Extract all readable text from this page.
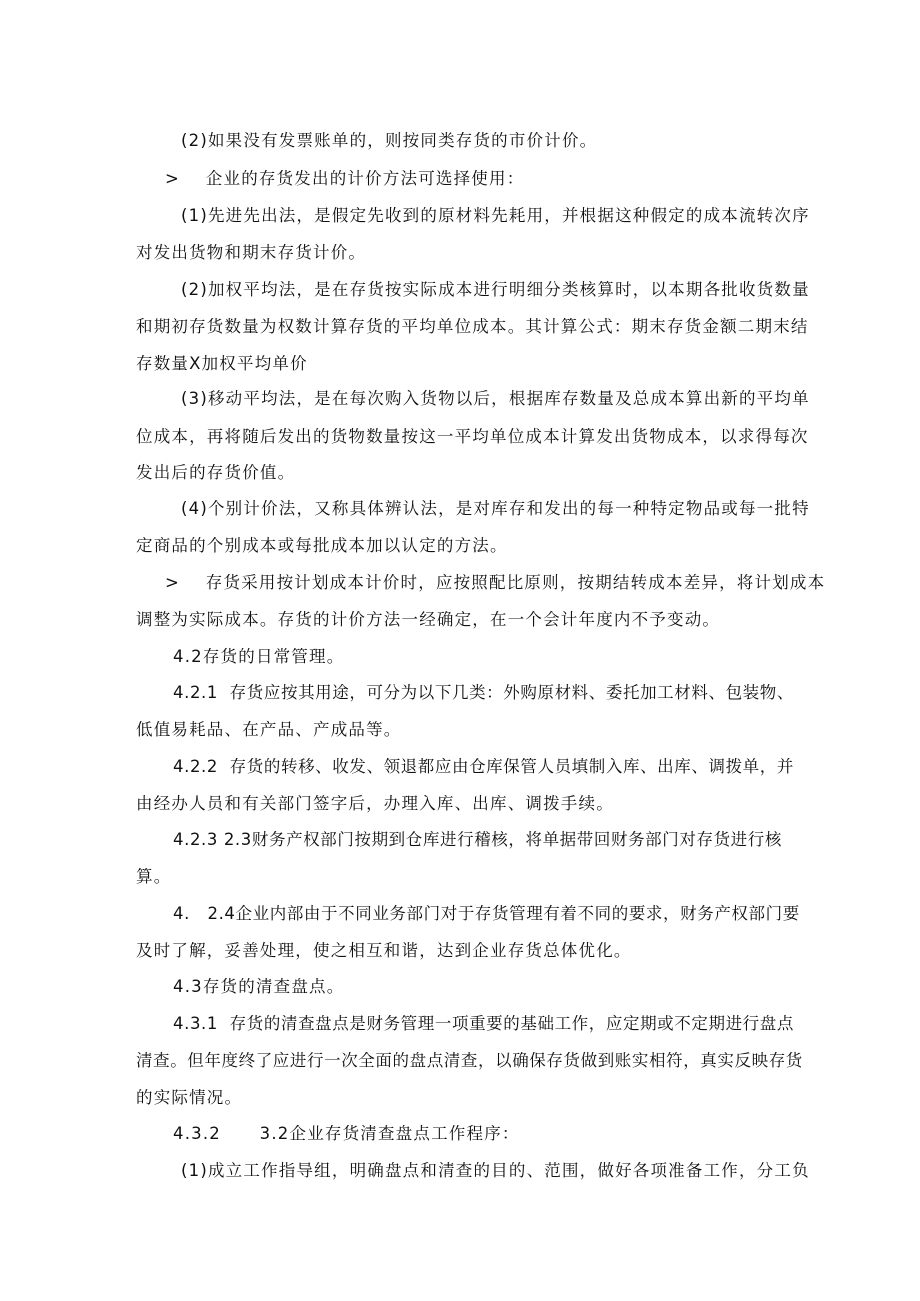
(2)如果没有发票账单的，则按同类存货的市价计价。
>    企业的存货发出的计价方法可选择使用：
(1)先进先出法，是假定先收到的原材料先耗用，并根据这种假定的成本流转次序
对发出货物和期末存货计价。
(2)加权平均法，是在存货按实际成本进行明细分类核算时，以本期各批收货数量
和期初存货数量为权数计算存货的平均单位成本。其计算公式：期末存货金额二期末结
存数量X加权平均单价
(3)移动平均法，是在每次购入货物以后，根据库存数量及总成本算出新的平均单
位成本，再将随后发出的货物数量按这一平均单位成本计算发出货物成本，以求得每次
发出后的存货价值。
(4)个别计价法，又称具体辨认法，是对库存和发出的每一种特定物品或每一批特
定商品的个别成本或每批成本加以认定的方法。
>    存货采用按计划成本计价时，应按照配比原则，按期结转成本差异，将计划成本
调整为实际成本。存货的计价方法一经确定，在一个会计年度内不予变动。
4.2存货的日常管理。
4.2.1  存货应按其用途，可分为以下几类：外购原材料、委托加工材料、包装物、
低值易耗品、在产品、产成品等。
4.2.2  存货的转移、收发、领退都应由仓库保管人员填制入库、出库、调拨单，并
由经办人员和有关部门签字后，办理入库、出库、调拨手续。
4.2.3 2.3财务产权部门按期到仓库进行稽核，将单据带回财务部门对存货进行核
算。
4.   2.4企业内部由于不同业务部门对于存货管理有着不同的要求，财务产权部门要
及时了解，妥善处理，使之相互和谐，达到企业存货总体优化。
4.3存货的清查盘点。
4.3.1  存货的清查盘点是财务管理一项重要的基础工作，应定期或不定期进行盘点
清查。但年度终了应进行一次全面的盘点清查，以确保存货做到账实相符，真实反映存货
的实际情况。
4.3.2      3.2企业存货清查盘点工作程序：
(1)成立工作指导组，明确盘点和清查的目的、范围，做好各项准备工作，分工负
